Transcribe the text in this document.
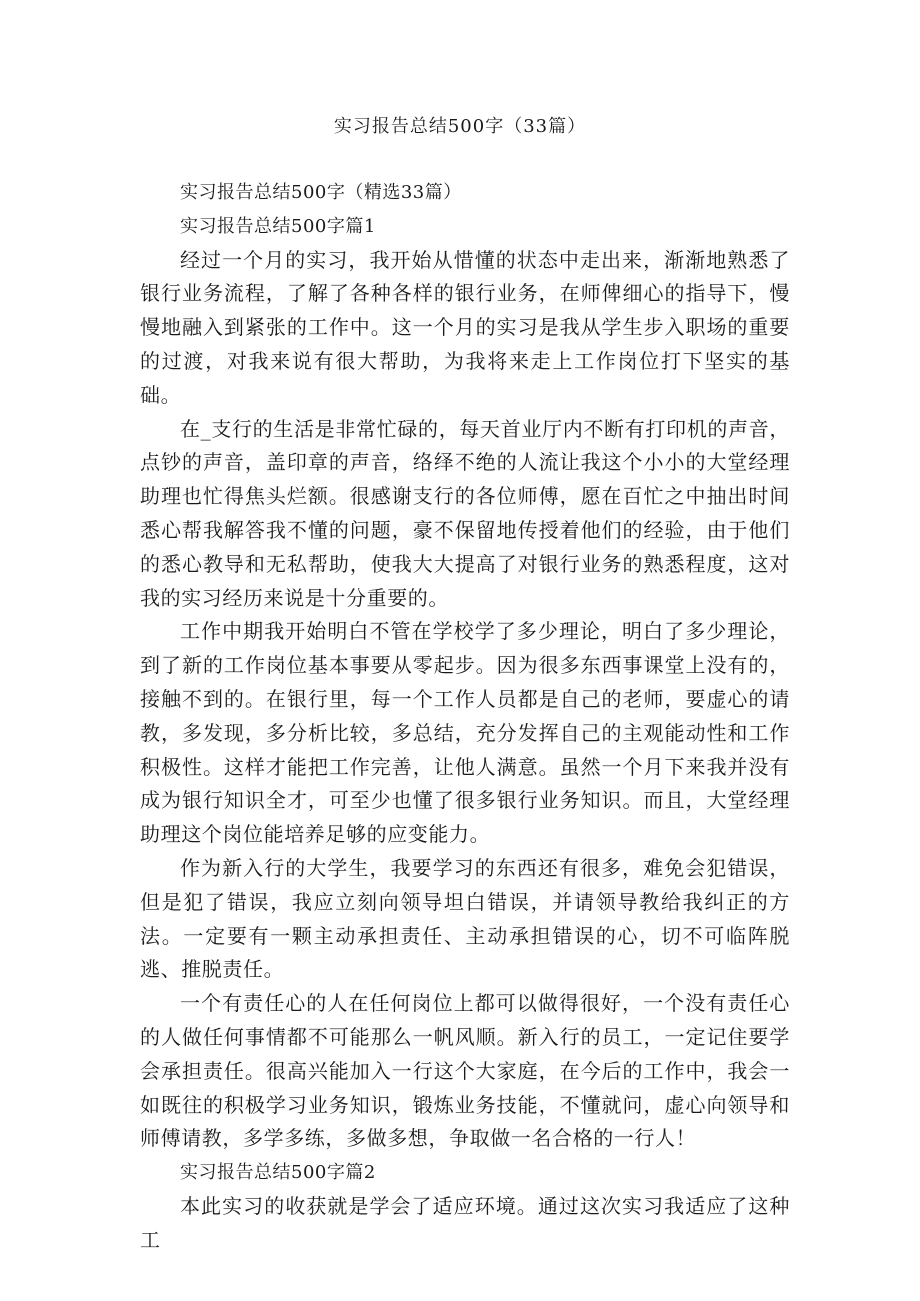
实习报告总结500字（33篇）

实习报告总结500字（精选33篇）

实习报告总结500字篇1

经过一个月的实习，我开始从惜懂的状态中走出来，渐渐地熟悉了银行业务流程，了解了各种各样的银行业务，在师俾细心的指导下，慢慢地融入到紧张的工作中。这一个月的实习是我从学生步入职场的重要的过渡，对我来说有很大帮助，为我将来走上工作岗位打下坚实的基础。

在_支行的生活是非常忙碌的，每天首业厅内不断有打印机的声音，点钞的声音，盖印章的声音，络绎不绝的人流让我这个小小的大堂经理助理也忙得焦头烂额。很感谢支行的各位师傅，愿在百忙之中抽出时间悉心帮我解答我不懂的问题，豪不保留地传授着他们的经验，由于他们的悉心教导和无私帮助，使我大大提高了对银行业务的熟悉程度，这对我的实习经历来说是十分重要的。

工作中期我开始明白不管在学校学了多少理论，明白了多少理论，到了新的工作岗位基本事要从零起步。因为很多东西事课堂上没有的，接触不到的。在银行里，每一个工作人员都是自己的老师，要虚心的请教，多发现，多分析比较，多总结，充分发挥自己的主观能动性和工作积极性。这样才能把工作完善，让他人满意。虽然一个月下来我并没有成为银行知识全才，可至少也懂了很多银行业务知识。而且，大堂经理助理这个岗位能培养足够的应变能力。

作为新入行的大学生，我要学习的东西还有很多，难免会犯错误，但是犯了错误，我应立刻向领导坦白错误，并请领导教给我纠正的方法。一定要有一颗主动承担责任、主动承担错误的心，切不可临阵脱逃、推脱责任。

一个有责任心的人在任何岗位上都可以做得很好，一个没有责任心的人做任何事情都不可能那么一帆风顺。新入行的员工，一定记住要学会承担责任。很高兴能加入一行这个大家庭，在今后的工作中，我会一如既往的积极学习业务知识，锻炼业务技能，不懂就问，虚心向领导和师傅请教，多学多练，多做多想，争取做一名合格的一行人！

实习报告总结500字篇2

本此实习的收获就是学会了适应环境。通过这次实习我适应了这种工
